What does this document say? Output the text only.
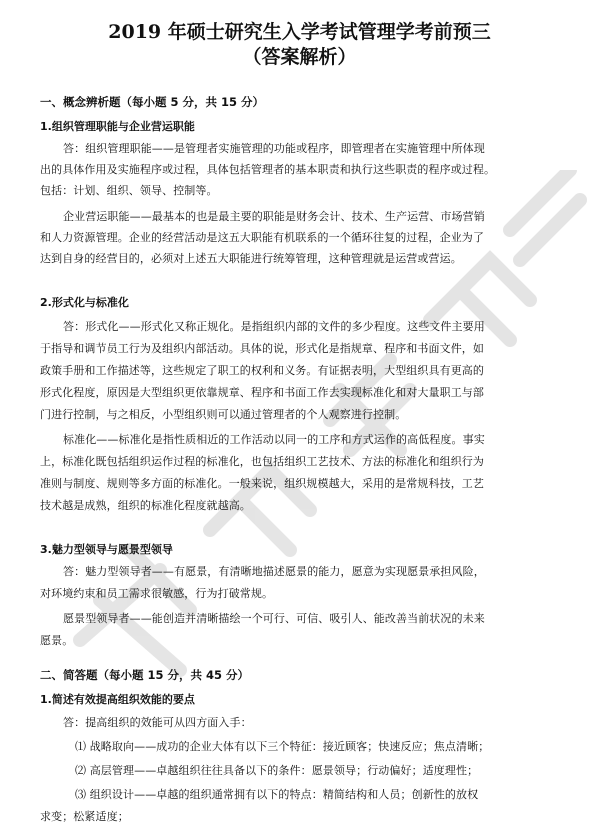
2019 年硕士研究生入学考试管理学考前预三
（答案解析）
一、概念辨析题（每小题 5 分，共 15 分）
1.组织管理职能与企业营运职能
答：组织管理职能——是管理者实施管理的功能或程序，即管理者在实施管理中所体现
出的具体作用及实施程序或过程，具体包括管理者的基本职责和执行这些职责的程序或过程。
包括：计划、组织、领导、控制等。
企业营运职能——最基本的也是最主要的职能是财务会计、技术、生产运营、市场营销
和人力资源管理。企业的经营活动是这五大职能有机联系的一个循环往复的过程，企业为了
达到自身的经营目的，必须对上述五大职能进行统筹管理，这种管理就是运营或营运。
2.形式化与标准化
答：形式化——形式化又称正规化。是指组织内部的文件的多少程度。这些文件主要用
于指导和调节员工行为及组织内部活动。具体的说，形式化是指规章、程序和书面文件，如
政策手册和工作描述等，这些规定了职工的权利和义务。有证据表明，大型组织具有更高的
形式化程度，原因是大型组织更依靠规章、程序和书面工作去实现标准化和对大量职工与部
门进行控制，与之相反，小型组织则可以通过管理者的个人观察进行控制。
标准化——标准化是指性质相近的工作活动以同一的工序和方式运作的高低程度。事实
上，标准化既包括组织运作过程的标准化，也包括组织工艺技术、方法的标准化和组织行为
准则与制度、规则等多方面的标准化。一般来说，组织规模越大，采用的是常规科技，工艺
技术越是成熟，组织的标准化程度就越高。
3.魅力型领导与愿景型领导
答：魅力型领导者——有愿景，有清晰地描述愿景的能力，愿意为实现愿景承担风险，
对环境约束和员工需求很敏感，行为打破常规。
愿景型领导者——能创造并清晰描绘一个可行、可信、吸引人、能改善当前状况的未来
愿景。
二、简答题（每小题 15 分，共 45 分）
1.简述有效提高组织效能的要点
答：提高组织的效能可从四方面入手：
⑴ 战略取向——成功的企业大体有以下三个特征：接近顾客；快速反应；焦点清晰；
⑵ 高层管理——卓越组织往往具备以下的条件：愿景领导；行动偏好；适度理性；
⑶ 组织设计——卓越的组织通常拥有以下的特点：精简结构和人员；创新性的放权
求变；松紧适度；
